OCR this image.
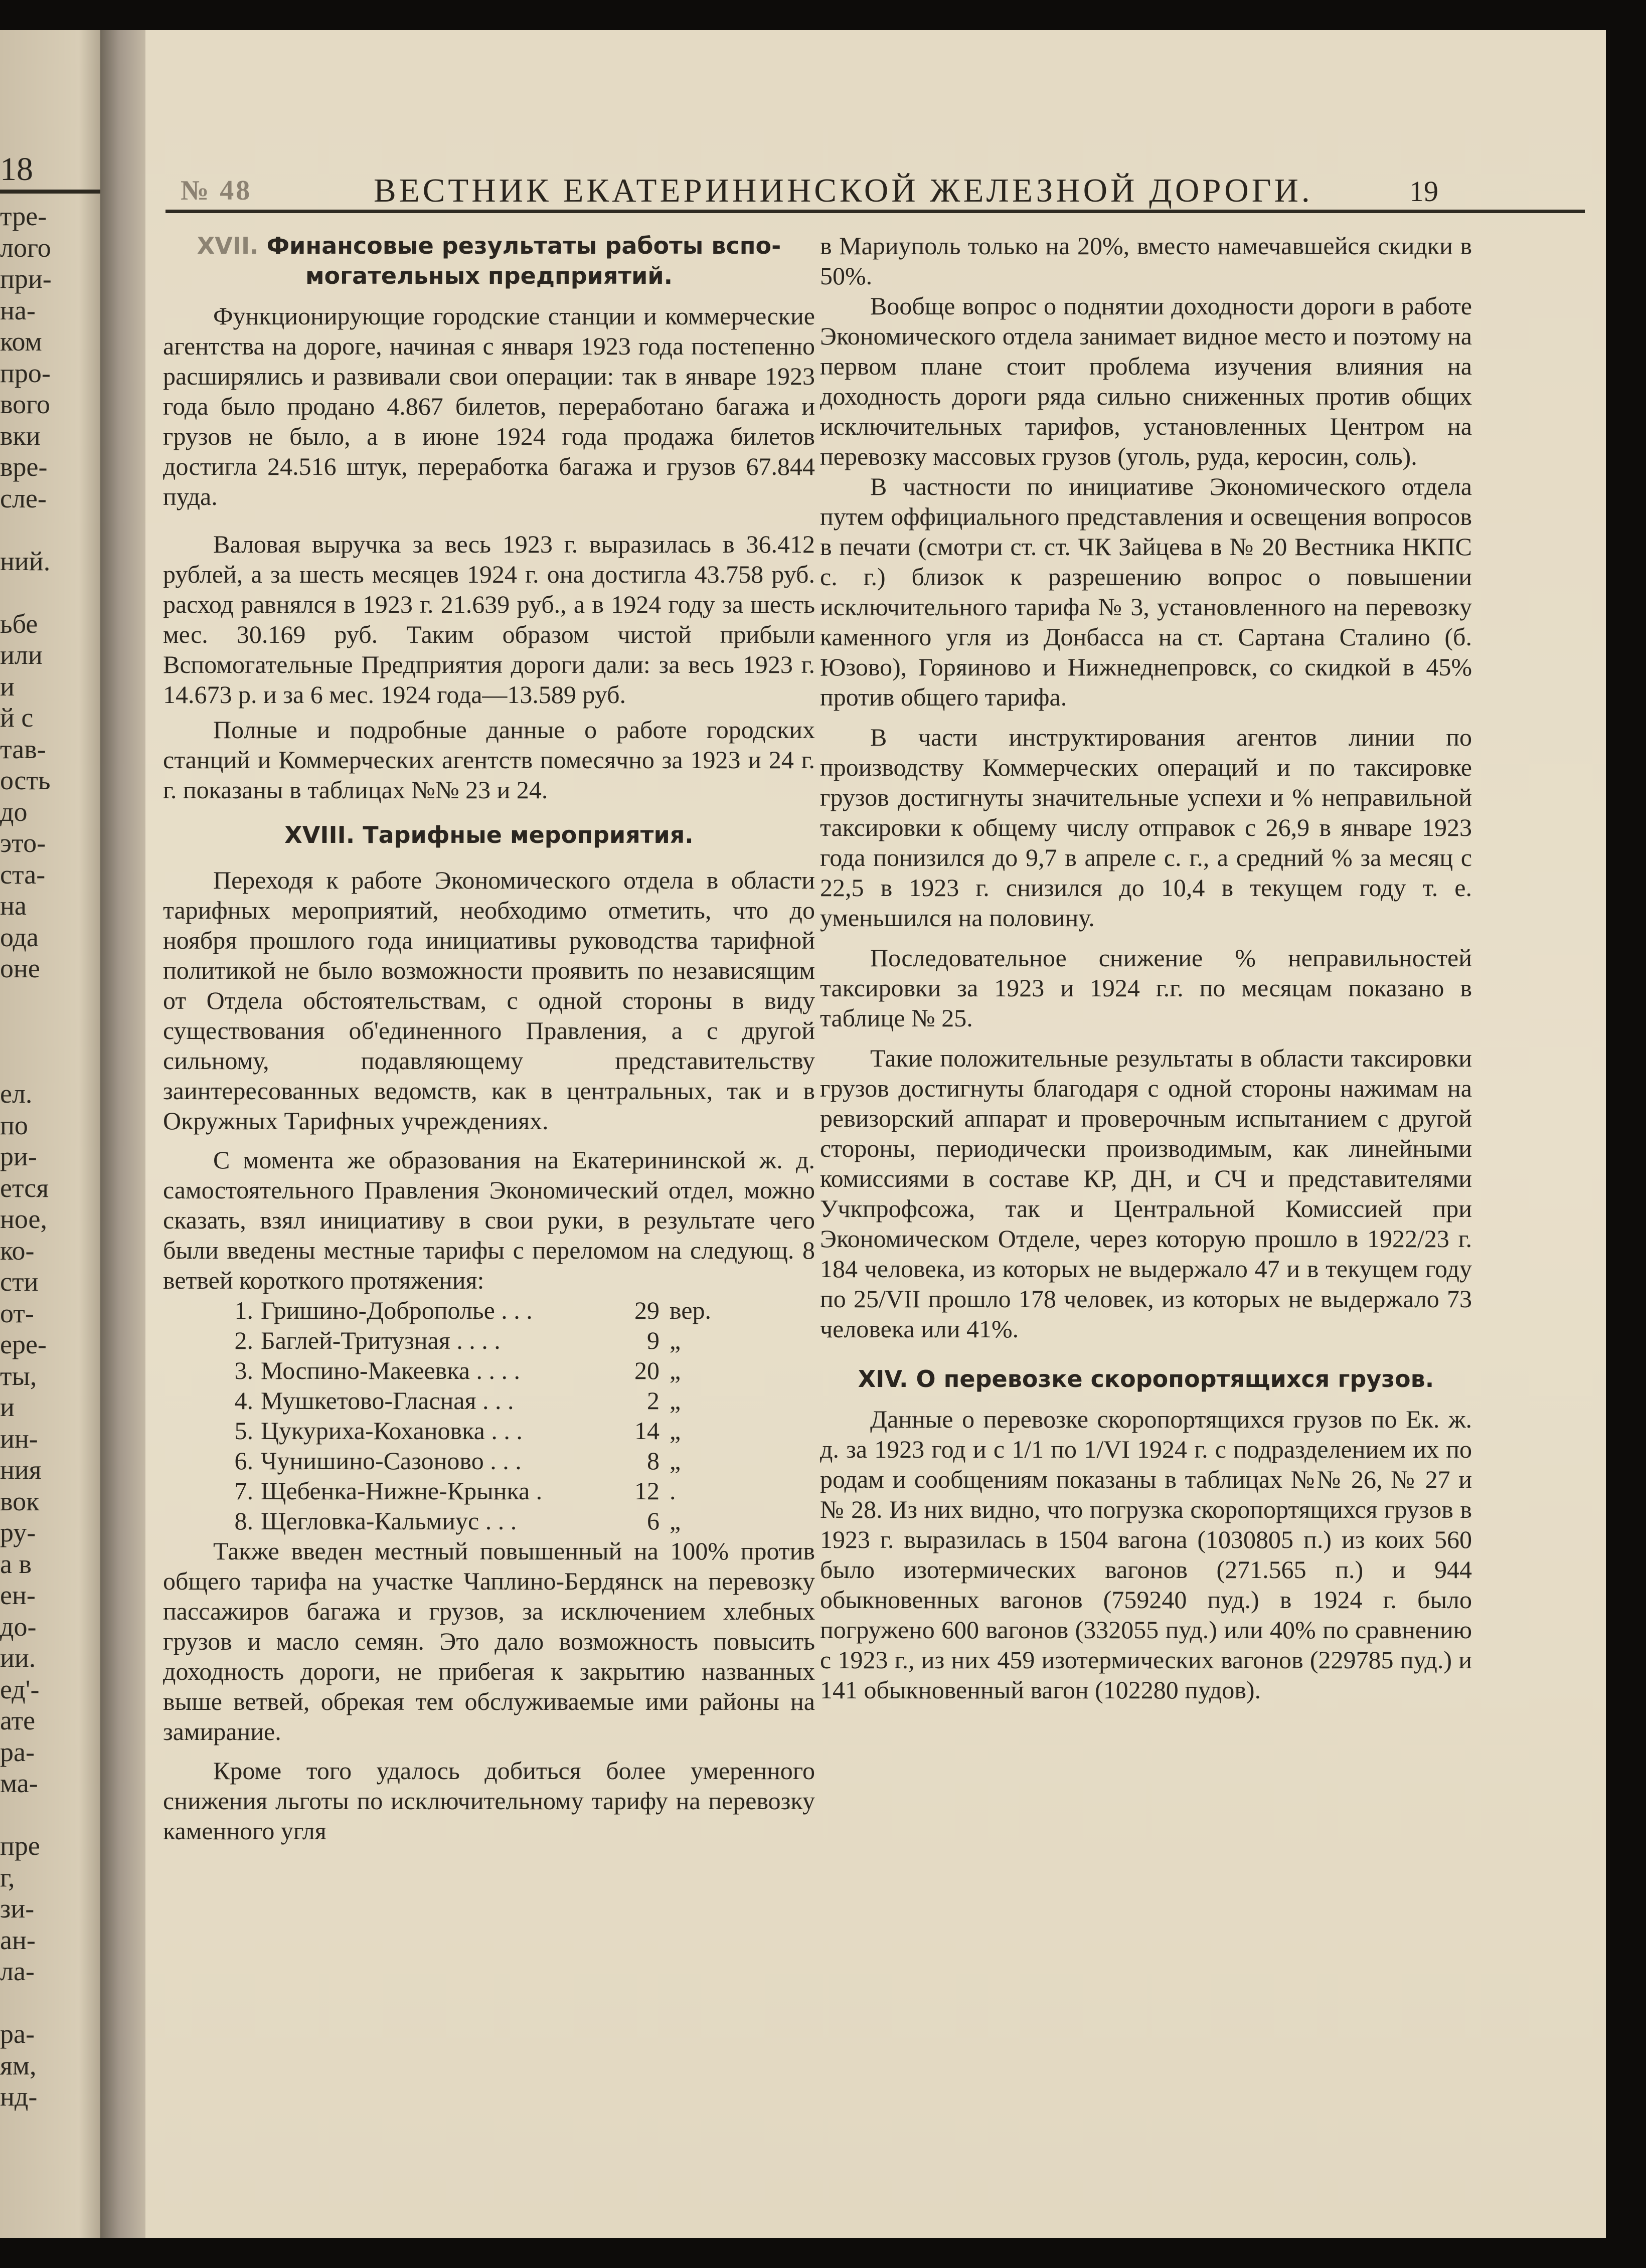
18
тре-
лого
при-
на-
ком
про-
вого
вки
вре-
сле-
ний.
ьбе
или
и
й с
тав-
ость
до
это-
ста-
на
ода
оне
ел.
по
ри-
ется
ное,
ко-
сти
от-
ере-
ты,
и
ин-
ния
вок
ру-
а в
ен-
до-
ии.
ед'-
ате
ра-
ма-
пре
г,
зи-
ан-
ла-
ра-
ям,
нд-
№ 48	ВЕСТНИК ЕКАТЕРИНИНСКОЙ ЖЕЛЕЗНОЙ ДОРОГИ.	19
XVII. Финансовые результаты работы вспо-могательных предприятий.

Функционирующие городские станции и коммерческие агентства на дороге, начиная с января 1923 года постепенно расширялись и развивали свои операции: так в январе 1923 года было продано 4.867 билетов, переработано багажа и грузов не было, а в июне 1924 года продажа билетов достигла 24.516 штук, переработка багажа и грузов 67.844 пуда.

Валовая выручка за весь 1923 г. выразилась в 36.412 рублей, а за шесть месяцев 1924 г. она достигла 43.758 руб. расход равнялся в 1923 г. 21.639 руб., а в 1924 году за шесть мес. 30.169 руб. Таким образом чистой прибыли Вспомогательные Предприятия дороги дали: за весь 1923 г. 14.673 р. и за 6 мес. 1924 года—13.589 руб.

Полные и подробные данные о работе городских станций и Коммерческих агентств помесячно за 1923 и 24 г. г. показаны в таблицах №№ 23 и 24.

XVIII. Тарифные мероприятия.

Переходя к работе Экономического отдела в области тарифных мероприятий, необходимо отметить, что до ноября прошлого года инициативы руководства тарифной политикой не было возможности проявить по независящим от Отдела обстоятельствам, с одной стороны в виду существования об'единенного Правления, а с другой сильному, подавляющему представительству заинтересованных ведомств, как в центральных, так и в Окружных Тарифных учреждениях.

С момента же образования на Екатерининской ж. д. самостоятельного Правления Экономический отдел, можно сказать, взял инициативу в свои руки, в результате чего были введены местные тарифы с переломом на следующ. 8 ветвей короткого протяжения:

1. Гришино-Доброполье . . .	29 вер.
2. Баглей-Тритузная . . . .	9 „
3. Моспино-Макеевка . . . .	20 „
4. Мушкетово-Гласная . . .	2 „
5. Цукуриха-Кохановка . . .	14 „
6. Чунишино-Сазоново . . .	8 „
7. Щебенка-Нижне-Крынка .	12 .
8. Щегловка-Кальмиус . . .	6 „

Также введен местный повышенный на 100% против общего тарифа на участке Чаплино-Бердянск на перевозку пассажиров багажа и грузов, за исключением хлебных грузов и масло семян. Это дало возможность повысить доходность дороги, не прибегая к закрытию названных выше ветвей, обрекая тем обслуживаемые ими районы на замирание.

Кроме того удалось добиться более умеренного снижения льготы по исключительному тарифу на перевозку каменного угля

в Мариуполь только на 20%, вместо намечавшейся скидки в 50%.

Вообще вопрос о поднятии доходности дороги в работе Экономического отдела занимает видное место и поэтому на первом плане стоит проблема изучения влияния на доходность дороги ряда сильно сниженных против общих исключительных тарифов, установленных Центром на перевозку массовых грузов (уголь, руда, керосин, соль).

В частности по инициативе Экономического отдела путем оффициального представления и освещения вопросов в печати (смотри ст. ст. ЧК Зайцева в № 20 Вестника НКПС с. г.) близок к разрешению вопрос о повышении исключительного тарифа № 3, установленного на перевозку каменного угля из Донбасса на ст. Сартана Сталино (б. Юзово), Горяиново и Нижнеднепровск, со скидкой в 45% против общего тарифа.

В части инструктирования агентов линии по производству Коммерческих операций и по таксировке грузов достигнуты значительные успехи и % неправильной таксировки к общему числу отправок с 26,9 в январе 1923 года понизился до 9,7 в апреле с. г., а средний % за месяц с 22,5 в 1923 г. снизился до 10,4 в текущем году т. е. уменьшился на половину.

Последовательное снижение % неправильностей таксировки за 1923 и 1924 г.г. по месяцам показано в таблице № 25.

Такие положительные результаты в области таксировки грузов достигнуты благодаря с одной стороны нажимам на ревизорский аппарат и проверочным испытанием с другой стороны, периодически производимым, как линейными комиссиями в составе КР, ДН, и СЧ и представителями Учкпрофсожа, так и Центральной Комиссией при Экономическом Отделе, через которую прошло в 1922/23 г. 184 человека, из которых не выдержало 47 и в текущем году по 25/VII прошло 178 человек, из которых не выдержало 73 человека или 41%.

XIV. О перевозке скоропортящихся грузов.

Данные о перевозке скоропортящихся грузов по Ек. ж. д. за 1923 год и с 1/1 по 1/VI 1924 г. с подразделением их по родам и сообщениям показаны в таблицах №№ 26, № 27 и № 28. Из них видно, что погрузка скоропортящихся грузов в 1923 г. выразилась в 1504 вагона (1030805 п.) из коих 560 было изотермических вагонов (271.565 п.) и 944 обыкновенных вагонов (759240 пуд.) в 1924 г. было погружено 600 вагонов (332055 пуд.) или 40% по сравнению с 1923 г., из них 459 изотермических вагонов (229785 пуд.) и 141 обыкновенный вагон (102280 пудов).
